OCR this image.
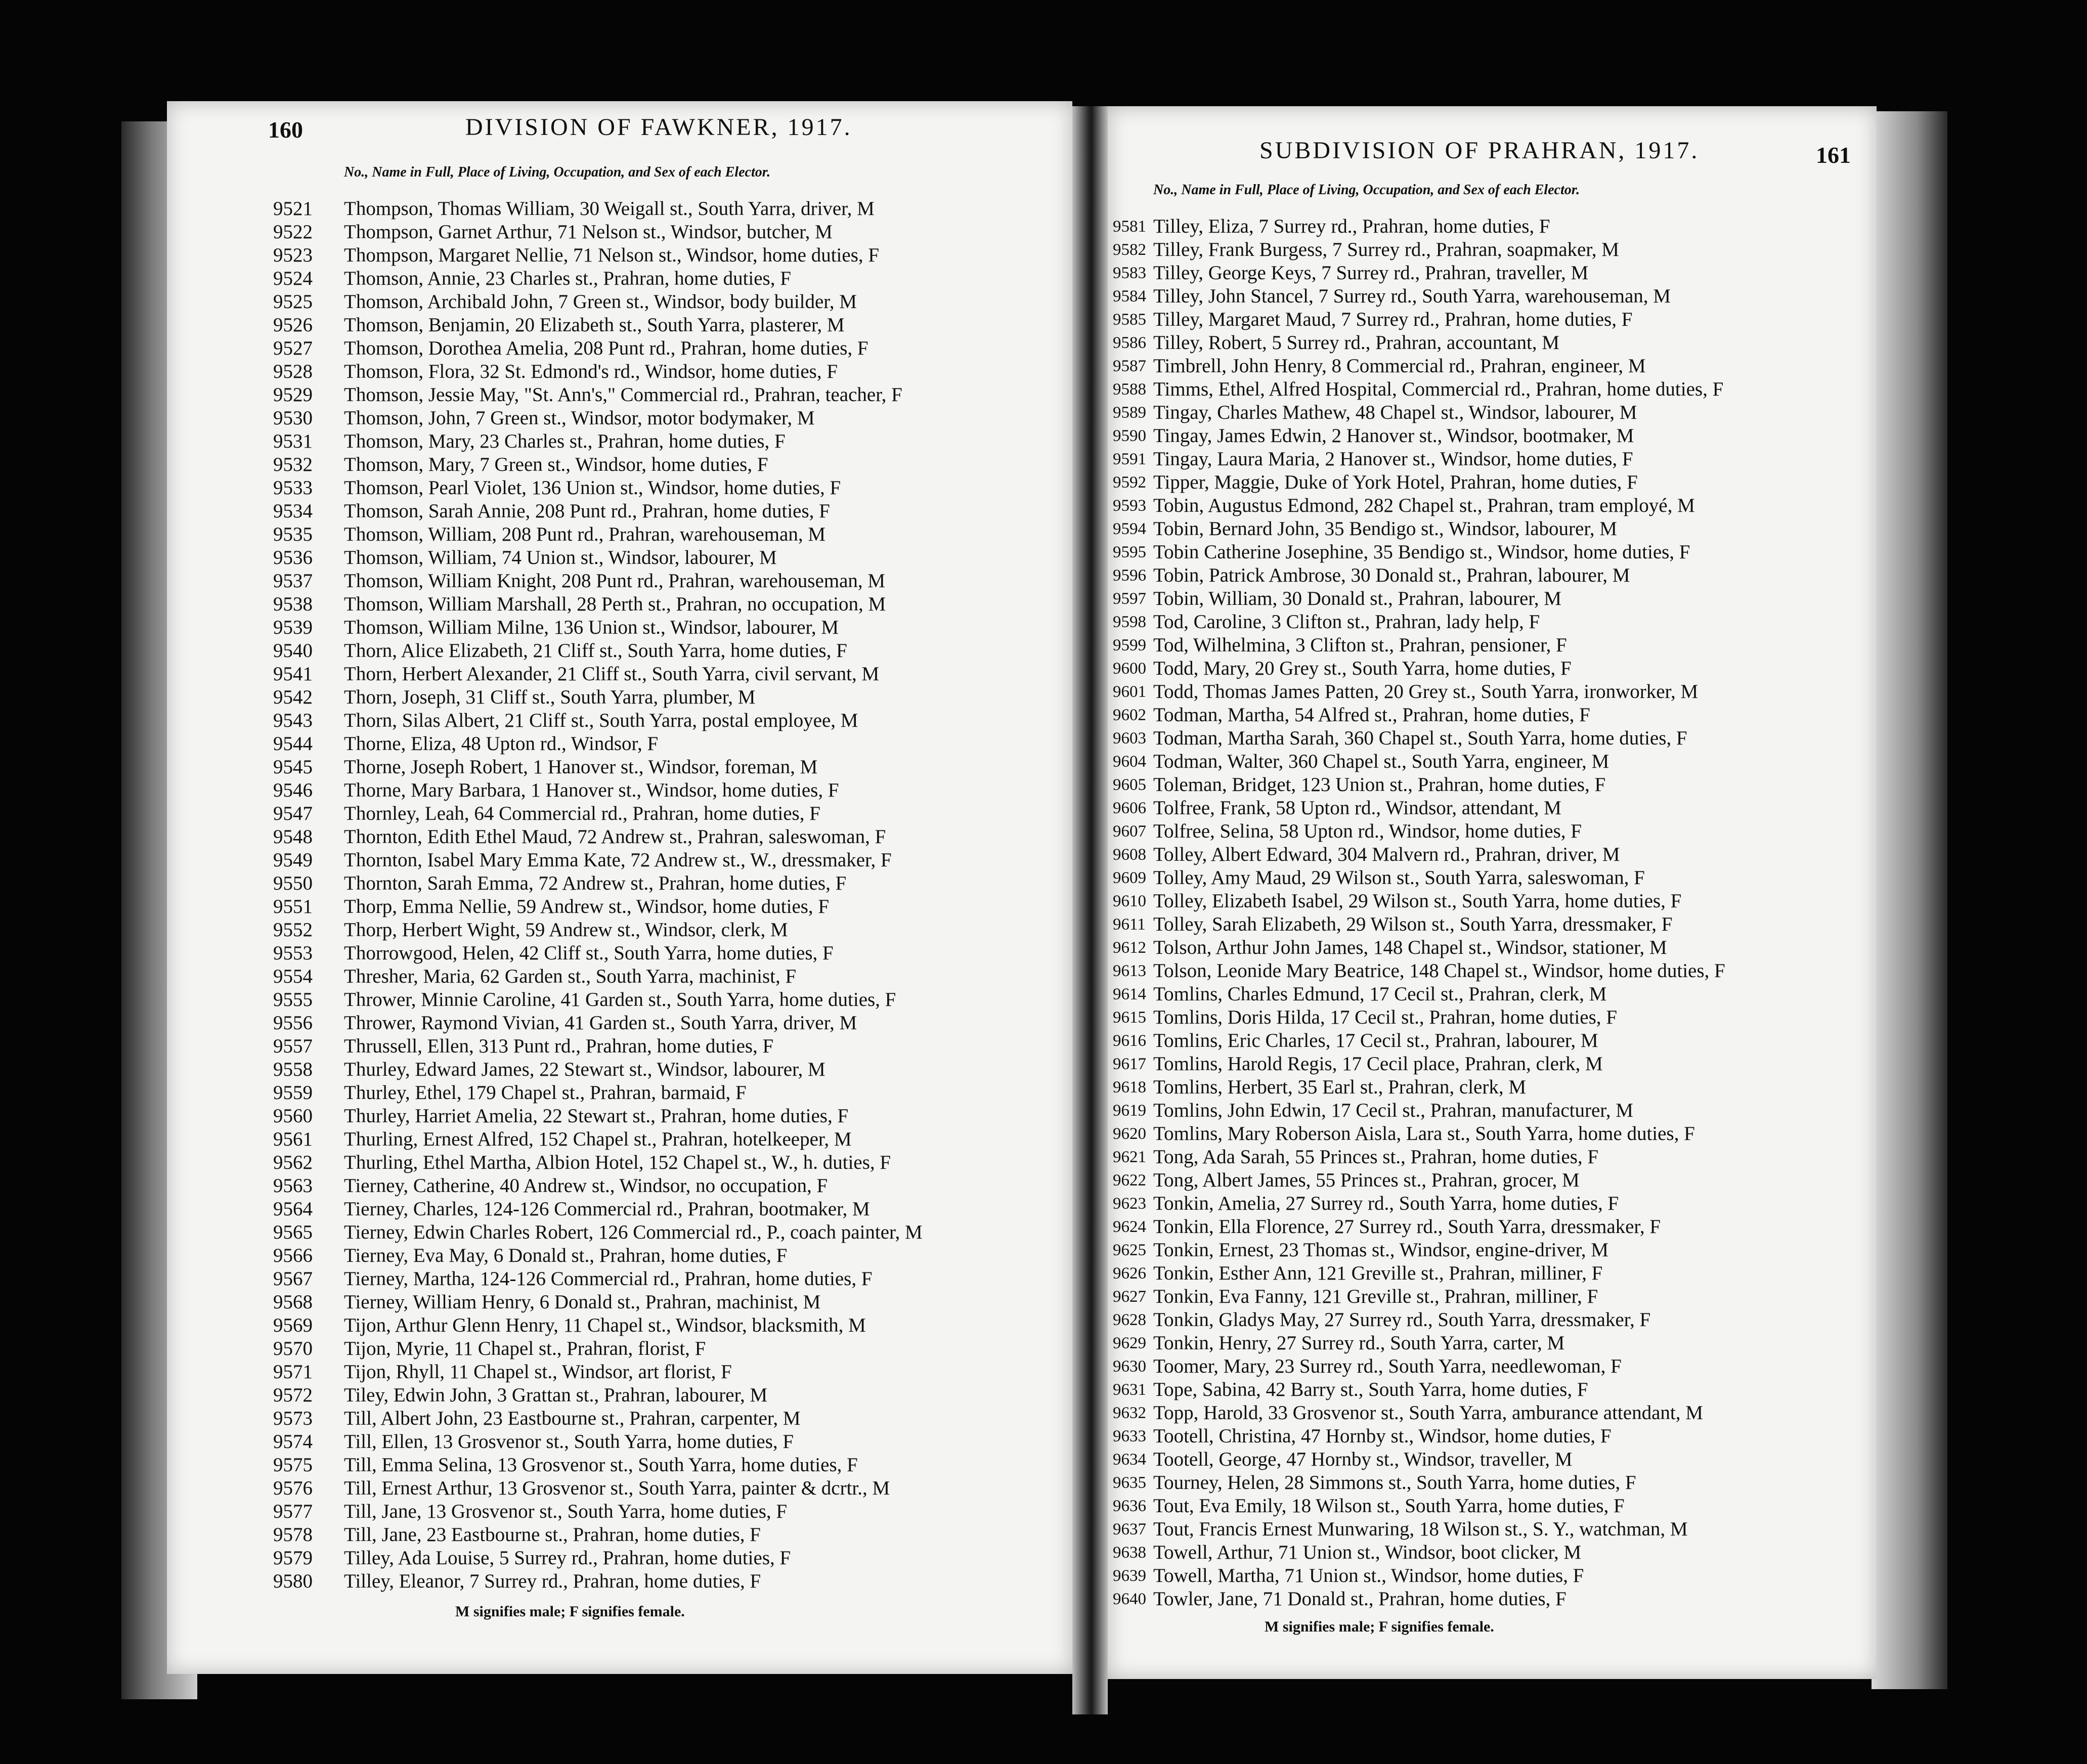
160	DIVISION OF FAWKNER, 1917.
No., Name in Full, Place of Living, Occupation, and Sex of each Elector.
9521	Thompson, Thomas William, 30 Weigall st., South Yarra, driver, M
9522	Thompson, Garnet Arthur, 71 Nelson st., Windsor, butcher, M
9523	Thompson, Margaret Nellie, 71 Nelson st., Windsor, home duties, F
9524	Thomson, Annie, 23 Charles st., Prahran, home duties, F
9525	Thomson, Archibald John, 7 Green st., Windsor, body builder, M
9526	Thomson, Benjamin, 20 Elizabeth st., South Yarra, plasterer, M
9527	Thomson, Dorothea Amelia, 208 Punt rd., Prahran, home duties, F
9528	Thomson, Flora, 32 St. Edmond's rd., Windsor, home duties, F
9529	Thomson, Jessie May, "St. Ann's," Commercial rd., Prahran, teacher, F
9530	Thomson, John, 7 Green st., Windsor, motor bodymaker, M
9531	Thomson, Mary, 23 Charles st., Prahran, home duties, F
9532	Thomson, Mary, 7 Green st., Windsor, home duties, F
9533	Thomson, Pearl Violet, 136 Union st., Windsor, home duties, F
9534	Thomson, Sarah Annie, 208 Punt rd., Prahran, home duties, F
9535	Thomson, William, 208 Punt rd., Prahran, warehouseman, M
9536	Thomson, William, 74 Union st., Windsor, labourer, M
9537	Thomson, William Knight, 208 Punt rd., Prahran, warehouseman, M
9538	Thomson, William Marshall, 28 Perth st., Prahran, no occupation, M
9539	Thomson, William Milne, 136 Union st., Windsor, labourer, M
9540	Thorn, Alice Elizabeth, 21 Cliff st., South Yarra, home duties, F
9541	Thorn, Herbert Alexander, 21 Cliff st., South Yarra, civil servant, M
9542	Thorn, Joseph, 31 Cliff st., South Yarra, plumber, M
9543	Thorn, Silas Albert, 21 Cliff st., South Yarra, postal employee, M
9544	Thorne, Eliza, 48 Upton rd., Windsor, F
9545	Thorne, Joseph Robert, 1 Hanover st., Windsor, foreman, M
9546	Thorne, Mary Barbara, 1 Hanover st., Windsor, home duties, F
9547	Thornley, Leah, 64 Commercial rd., Prahran, home duties, F
9548	Thornton, Edith Ethel Maud, 72 Andrew st., Prahran, saleswoman, F
9549	Thornton, Isabel Mary Emma Kate, 72 Andrew st., W., dressmaker, F
9550	Thornton, Sarah Emma, 72 Andrew st., Prahran, home duties, F
9551	Thorp, Emma Nellie, 59 Andrew st., Windsor, home duties, F
9552	Thorp, Herbert Wight, 59 Andrew st., Windsor, clerk, M
9553	Thorrowgood, Helen, 42 Cliff st., South Yarra, home duties, F
9554	Thresher, Maria, 62 Garden st., South Yarra, machinist, F
9555	Thrower, Minnie Caroline, 41 Garden st., South Yarra, home duties, F
9556	Thrower, Raymond Vivian, 41 Garden st., South Yarra, driver, M
9557	Thrussell, Ellen, 313 Punt rd., Prahran, home duties, F
9558	Thurley, Edward James, 22 Stewart st., Windsor, labourer, M
9559	Thurley, Ethel, 179 Chapel st., Prahran, barmaid, F
9560	Thurley, Harriet Amelia, 22 Stewart st., Prahran, home duties, F
9561	Thurling, Ernest Alfred, 152 Chapel st., Prahran, hotelkeeper, M
9562	Thurling, Ethel Martha, Albion Hotel, 152 Chapel st., W., h. duties, F
9563	Tierney, Catherine, 40 Andrew st., Windsor, no occupation, F
9564	Tierney, Charles, 124-126 Commercial rd., Prahran, bootmaker, M
9565	Tierney, Edwin Charles Robert, 126 Commercial rd., P., coach painter, M
9566	Tierney, Eva May, 6 Donald st., Prahran, home duties, F
9567	Tierney, Martha, 124-126 Commercial rd., Prahran, home duties, F
9568	Tierney, William Henry, 6 Donald st., Prahran, machinist, M
9569	Tijon, Arthur Glenn Henry, 11 Chapel st., Windsor, blacksmith, M
9570	Tijon, Myrie, 11 Chapel st., Prahran, florist, F
9571	Tijon, Rhyll, 11 Chapel st., Windsor, art florist, F
9572	Tiley, Edwin John, 3 Grattan st., Prahran, labourer, M
9573	Till, Albert John, 23 Eastbourne st., Prahran, carpenter, M
9574	Till, Ellen, 13 Grosvenor st., South Yarra, home duties, F
9575	Till, Emma Selina, 13 Grosvenor st., South Yarra, home duties, F
9576	Till, Ernest Arthur, 13 Grosvenor st., South Yarra, painter & dcrtr., M
9577	Till, Jane, 13 Grosvenor st., South Yarra, home duties, F
9578	Till, Jane, 23 Eastbourne st., Prahran, home duties, F
9579	Tilley, Ada Louise, 5 Surrey rd., Prahran, home duties, F
9580	Tilley, Eleanor, 7 Surrey rd., Prahran, home duties, F
M signifies male; F signifies female.
SUBDIVISION OF PRAHRAN, 1917.	161
No., Name in Full, Place of Living, Occupation, and Sex of each Elector.
9581 Tilley, Eliza, 7 Surrey rd., Prahran, home duties, F
9582 Tilley, Frank Burgess, 7 Surrey rd., Prahran, soapmaker, M
9583 Tilley, George Keys, 7 Surrey rd., Prahran, traveller, M
9584 Tilley, John Stancel, 7 Surrey rd., South Yarra, warehouseman, M
9585 Tilley, Margaret Maud, 7 Surrey rd., Prahran, home duties, F
9586 Tilley, Robert, 5 Surrey rd., Prahran, accountant, M
9587 Timbrell, John Henry, 8 Commercial rd., Prahran, engineer, M
9588 Timms, Ethel, Alfred Hospital, Commercial rd., Prahran, home duties, F
9589 Tingay, Charles Mathew, 48 Chapel st., Windsor, labourer, M
9590 Tingay, James Edwin, 2 Hanover st., Windsor, bootmaker, M
9591 Tingay, Laura Maria, 2 Hanover st., Windsor, home duties, F
9592 Tipper, Maggie, Duke of York Hotel, Prahran, home duties, F
9593 Tobin, Augustus Edmond, 282 Chapel st., Prahran, tram employé, M
9594 Tobin, Bernard John, 35 Bendigo st., Windsor, labourer, M
9595 Tobin Catherine Josephine, 35 Bendigo st., Windsor, home duties, F
9596 Tobin, Patrick Ambrose, 30 Donald st., Prahran, labourer, M
9597 Tobin, William, 30 Donald st., Prahran, labourer, M
9598 Tod, Caroline, 3 Clifton st., Prahran, lady help, F
9599 Tod, Wilhelmina, 3 Clifton st., Prahran, pensioner, F
9600 Todd, Mary, 20 Grey st., South Yarra, home duties, F
9601 Todd, Thomas James Patten, 20 Grey st., South Yarra, ironworker, M
9602 Todman, Martha, 54 Alfred st., Prahran, home duties, F
9603 Todman, Martha Sarah, 360 Chapel st., South Yarra, home duties, F
9604 Todman, Walter, 360 Chapel st., South Yarra, engineer, M
9605 Toleman, Bridget, 123 Union st., Prahran, home duties, F
9606 Tolfree, Frank, 58 Upton rd., Windsor, attendant, M
9607 Tolfree, Selina, 58 Upton rd., Windsor, home duties, F
9608 Tolley, Albert Edward, 304 Malvern rd., Prahran, driver, M
9609 Tolley, Amy Maud, 29 Wilson st., South Yarra, saleswoman, F
9610 Tolley, Elizabeth Isabel, 29 Wilson st., South Yarra, home duties, F
9611 Tolley, Sarah Elizabeth, 29 Wilson st., South Yarra, dressmaker, F
9612 Tolson, Arthur John James, 148 Chapel st., Windsor, stationer, M
9613 Tolson, Leonide Mary Beatrice, 148 Chapel st., Windsor, home duties, F
9614 Tomlins, Charles Edmund, 17 Cecil st., Prahran, clerk, M
9615 Tomlins, Doris Hilda, 17 Cecil st., Prahran, home duties, F
9616 Tomlins, Eric Charles, 17 Cecil st., Prahran, labourer, M
9617 Tomlins, Harold Regis, 17 Cecil place, Prahran, clerk, M
9618 Tomlins, Herbert, 35 Earl st., Prahran, clerk, M
9619 Tomlins, John Edwin, 17 Cecil st., Prahran, manufacturer, M
9620 Tomlins, Mary Roberson Aisla, Lara st., South Yarra, home duties, F
9621 Tong, Ada Sarah, 55 Princes st., Prahran, home duties, F
9622 Tong, Albert James, 55 Princes st., Prahran, grocer, M
9623 Tonkin, Amelia, 27 Surrey rd., South Yarra, home duties, F
9624 Tonkin, Ella Florence, 27 Surrey rd., South Yarra, dressmaker, F
9625 Tonkin, Ernest, 23 Thomas st., Windsor, engine-driver, M
9626 Tonkin, Esther Ann, 121 Greville st., Prahran, milliner, F
9627 Tonkin, Eva Fanny, 121 Greville st., Prahran, milliner, F
9628 Tonkin, Gladys May, 27 Surrey rd., South Yarra, dressmaker, F
9629 Tonkin, Henry, 27 Surrey rd., South Yarra, carter, M
9630 Toomer, Mary, 23 Surrey rd., South Yarra, needlewoman, F
9631 Tope, Sabina, 42 Barry st., South Yarra, home duties, F
9632 Topp, Harold, 33 Grosvenor st., South Yarra, amburance attendant, M
9633 Tootell, Christina, 47 Hornby st., Windsor, home duties, F
9634 Tootell, George, 47 Hornby st., Windsor, traveller, M
9635 Tourney, Helen, 28 Simmons st., South Yarra, home duties, F
9636 Tout, Eva Emily, 18 Wilson st., South Yarra, home duties, F
9637 Tout, Francis Ernest Munwaring, 18 Wilson st., S. Y., watchman, M
9638 Towell, Arthur, 71 Union st., Windsor, boot clicker, M
9639 Towell, Martha, 71 Union st., Windsor, home duties, F
9640 Towler, Jane, 71 Donald st., Prahran, home duties, F
M signifies male; F signifies female.
